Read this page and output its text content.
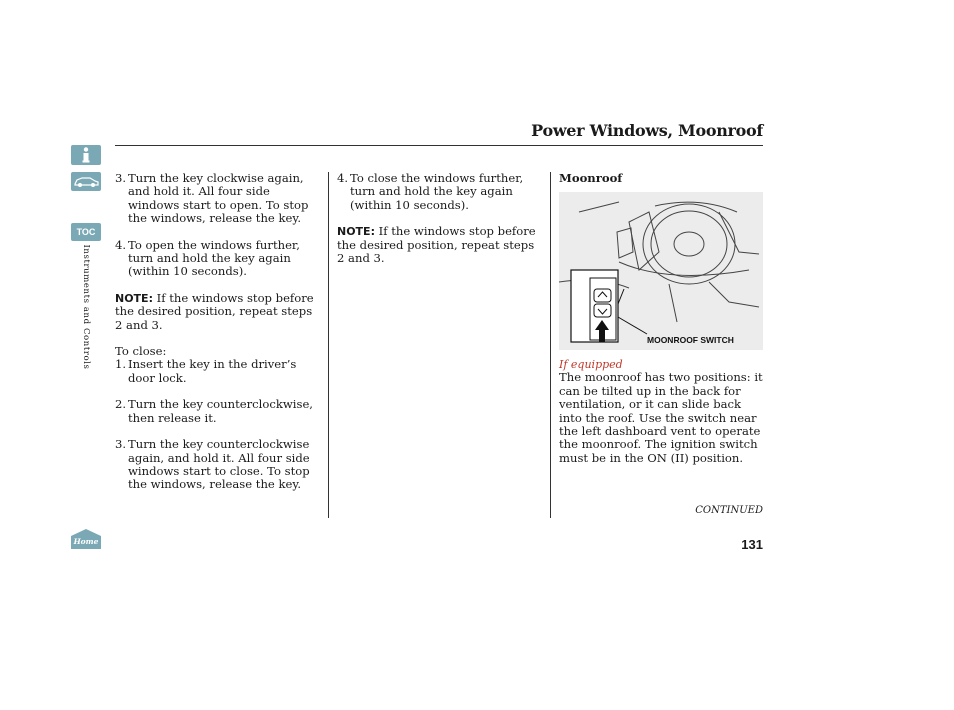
Power Windows, Moonroof
TOC
Instruments and Controls
Home
3. Turn the key clockwise again, and hold it. All four side windows start to open. To stop the windows, release the key.
4. To open the windows further, turn and hold the key again (within 10 seconds).
NOTE: If the windows stop before the desired position, repeat steps 2 and 3.
To close:
1. Insert the key in the driver’s door lock.
2. Turn the key counterclockwise, then release it.
3. Turn the key counterclockwise again, and hold it. All four side windows start to close. To stop the windows, release the key.
4. To close the windows further, turn and hold the key again (within 10 seconds).
NOTE: If the windows stop before the desired position, repeat steps 2 and 3.
Moonroof
MOONROOF SWITCH
If equipped
The moonroof has two positions: it can be tilted up in the back for ventilation, or it can slide back into the roof. Use the switch near the left dashboard vent to operate the moonroof. The ignition switch must be in the ON (II) position.
CONTINUED
131
